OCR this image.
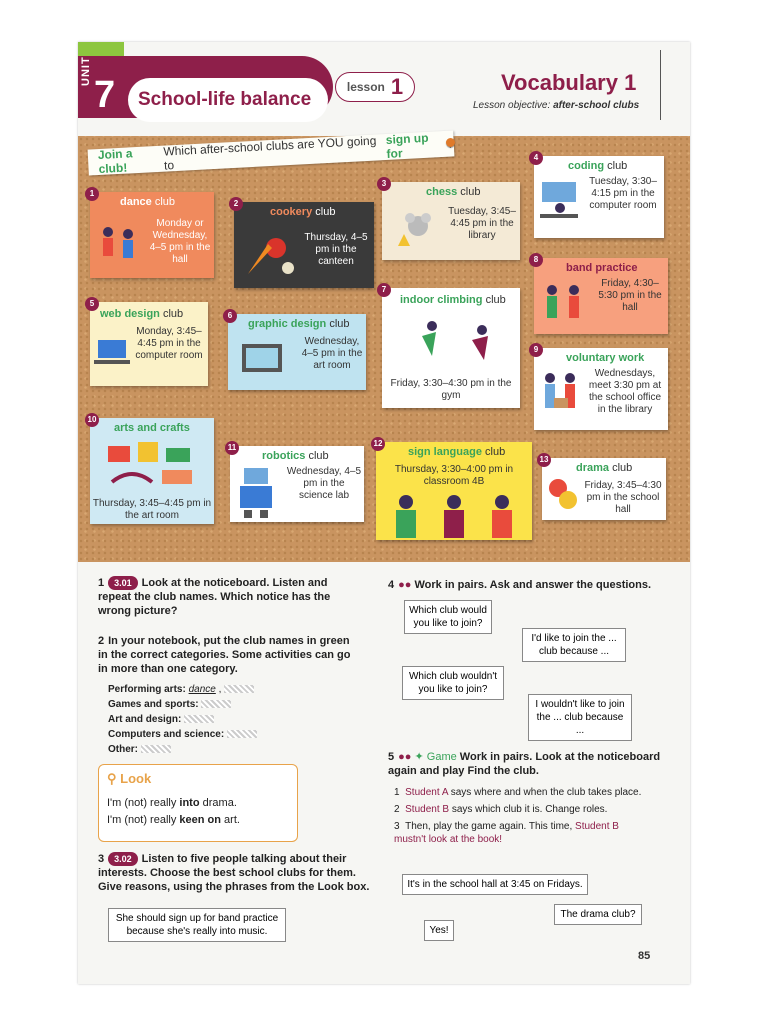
UNIT
7	School-life balance
lesson 1	Vocabulary 1
Lesson objective: after-school clubs
Join a club!
Which after-school clubs are YOU going to
sign up for
1
dance club
Monday or Wednesday, 4–5 pm in the hall
2
cookery club
Thursday, 4–5 pm in the canteen
3
chess club
Tuesday, 3:45–4:45 pm in the library
4
coding club
Tuesday, 3:30–4:15 pm in the computer room
8
band practice
Friday, 4:30–5:30 pm in the hall
5
web design club
Monday, 3:45–4:45 pm in the computer room
6
graphic design club
Wednesday, 4–5 pm in the art room
7
indoor climbing club
Friday, 3:30–4:30 pm in the gym
9
voluntary work
Wednesdays, meet 3:30 pm at the school office in the library
10
arts and crafts
Thursday, 3:45–4:45 pm in the art room
11
robotics club
Wednesday, 4–5 pm in the science lab
12
sign language club
Thursday, 3:30–4:00 pm in classroom 4B
13
drama club
Friday, 3:45–4:30 pm in the school hall
1 3.01 Look at the noticeboard. Listen and repeat the club names. Which notice has the wrong picture?
2 In your notebook, put the club names in green in the correct categories. Some activities can go in more than one category.
Performing arts: dance ,
Games and sports:
Art and design:
Computers and science:
Other:
⚲ Look
I'm (not) really into drama.
I'm (not) really keen on art.
3 3.02 Listen to five people talking about their interests. Choose the best school clubs for them. Give reasons, using the phrases from the Look box.
She should sign up for band practice because she's really into music.
4 ●● Work in pairs. Ask and answer the questions.
Which club would you like to join?
I'd like to join the ... club because ...
Which club wouldn't you like to join?
I wouldn't like to join the ... club because ...
5 ●● ✦ Game Work in pairs. Look at the noticeboard again and play Find the club.
1 Student A says where and when the club takes place.
2 Student B says which club it is. Change roles.
3 Then, play the game again. This time, Student B mustn't look at the book!
It's in the school hall at 3:45 on Fridays.
The drama club?
Yes!
85
